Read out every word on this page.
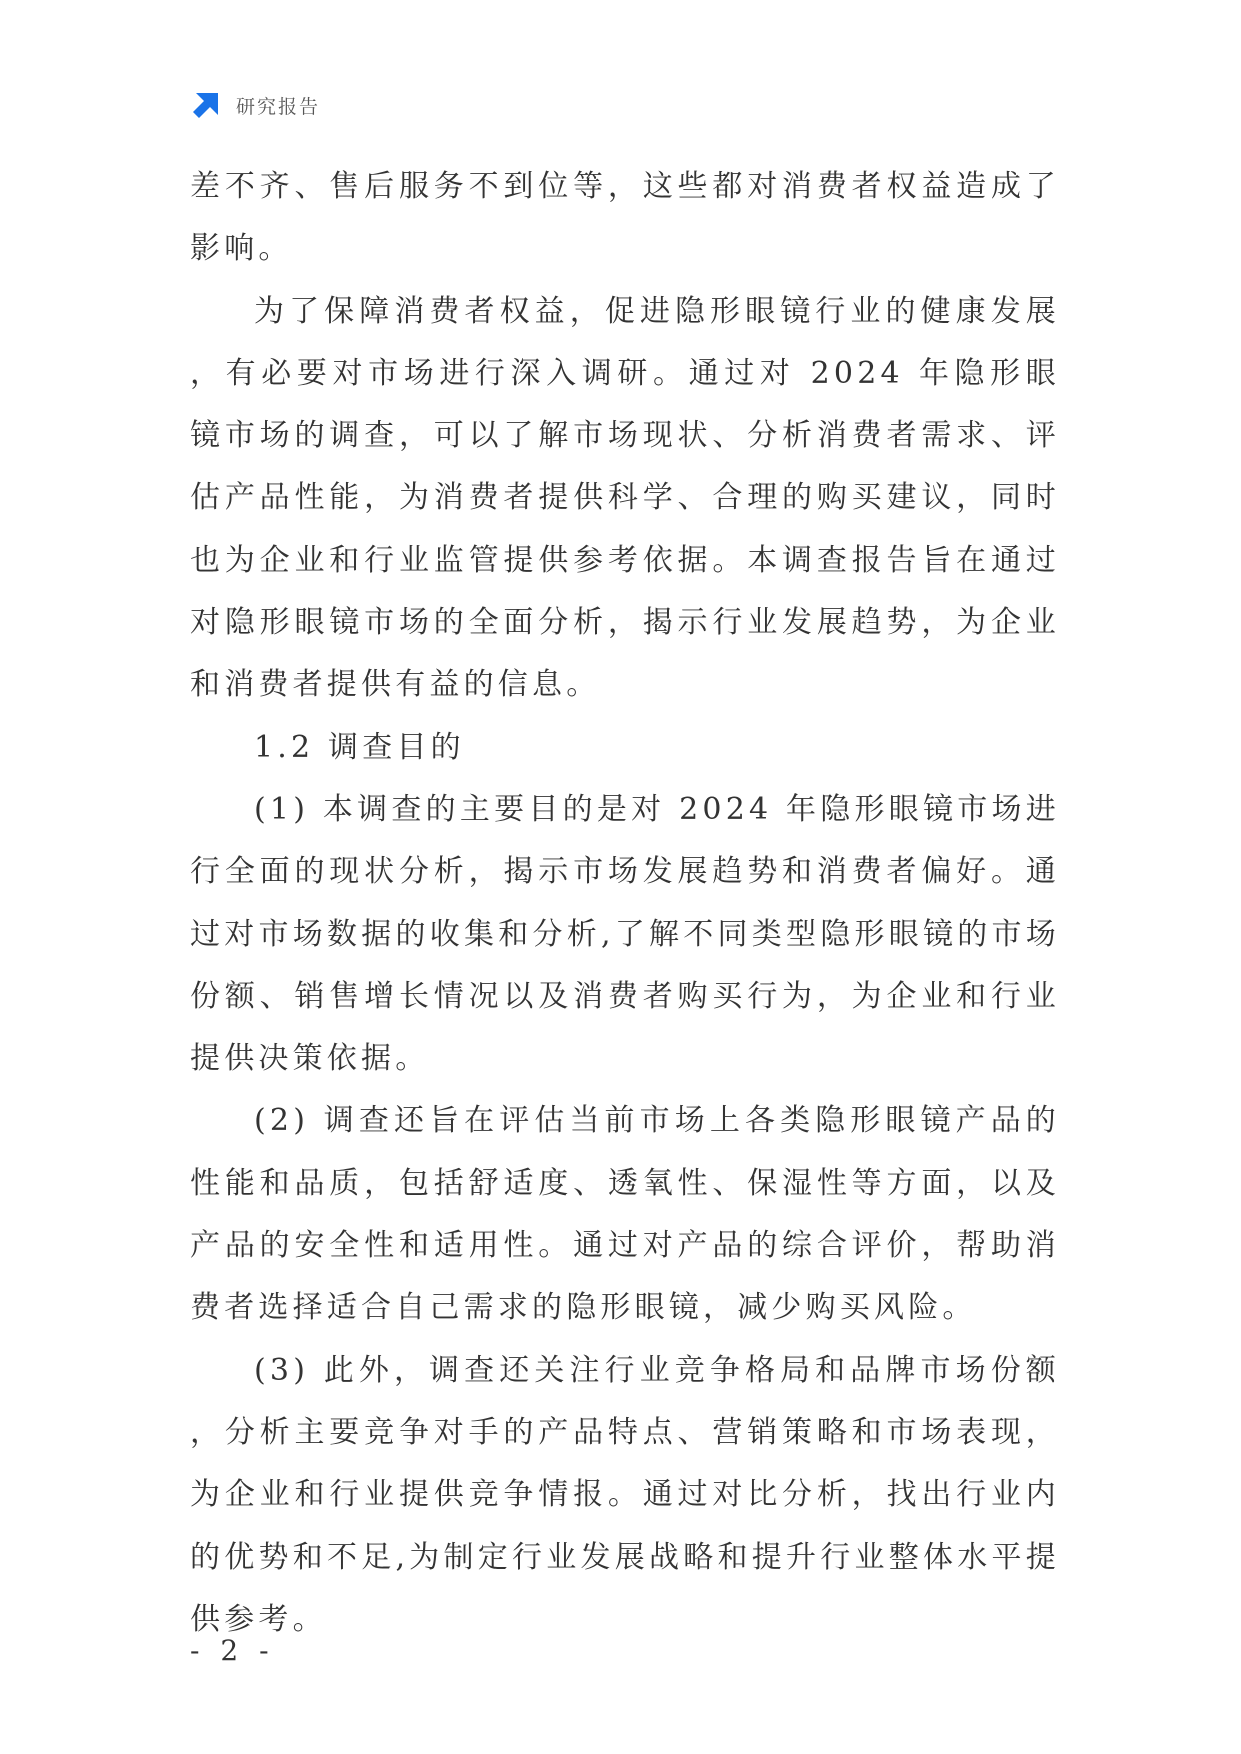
研究报告

差不齐、售后服务不到位等，这些都对消费者权益造成了影响。

为了保障消费者权益，促进隐形眼镜行业的健康发展，有必要对市场进行深入调研。通过对 2024 年隐形眼镜市场的调查，可以了解市场现状、分析消费者需求、评估产品性能，为消费者提供科学、合理的购买建议，同时也为企业和行业监管提供参考依据。本调查报告旨在通过对隐形眼镜市场的全面分析，揭示行业发展趋势，为企业和消费者提供有益的信息。

1.2 调查目的

(1) 本调查的主要目的是对 2024 年隐形眼镜市场进行全面的现状分析，揭示市场发展趋势和消费者偏好。通过对市场数据的收集和分析,了解不同类型隐形眼镜的市场份额、销售增长情况以及消费者购买行为，为企业和行业提供决策依据。

(2) 调查还旨在评估当前市场上各类隐形眼镜产品的性能和品质，包括舒适度、透氧性、保湿性等方面，以及产品的安全性和适用性。通过对产品的综合评价，帮助消费者选择适合自己需求的隐形眼镜，减少购买风险。

(3) 此外，调查还关注行业竞争格局和品牌市场份额，分析主要竞争对手的产品特点、营销策略和市场表现，为企业和行业提供竞争情报。通过对比分析，找出行业内的优势和不足,为制定行业发展战略和提升行业整体水平提供参考。

- 2 -
